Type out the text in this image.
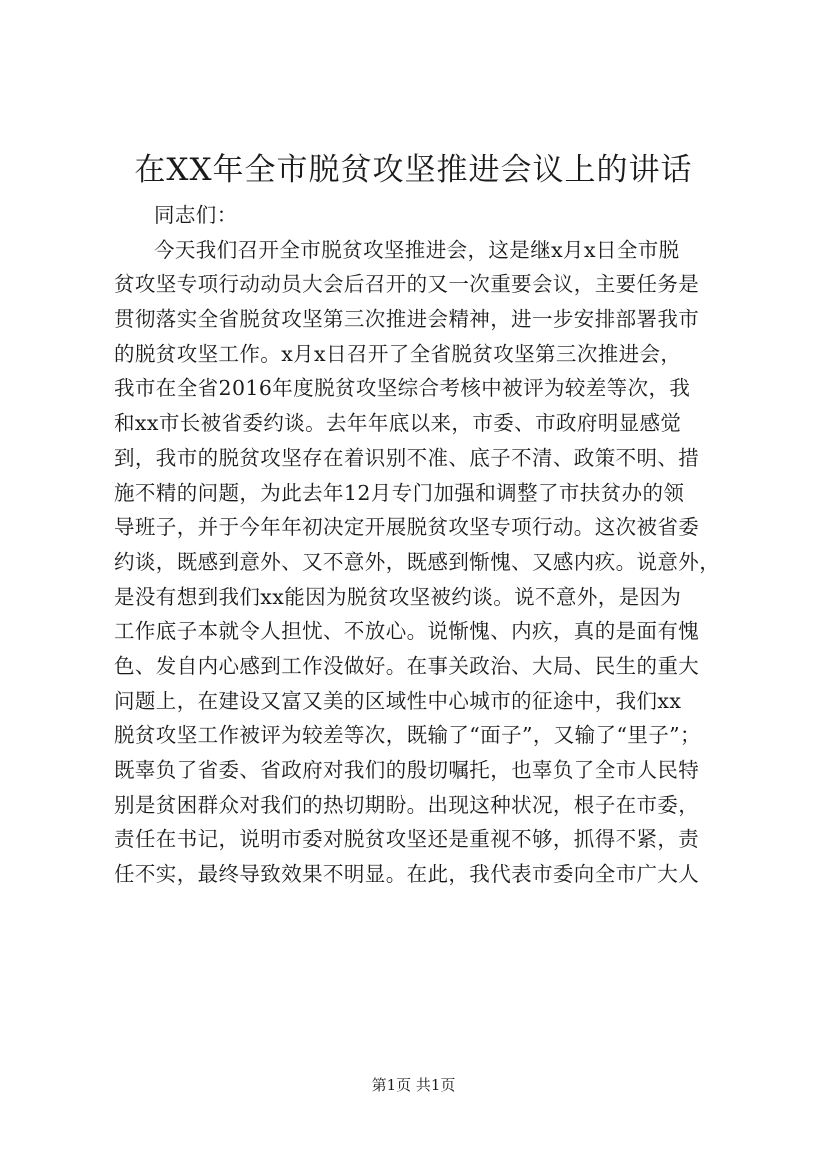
在XX年全市脱贫攻坚推进会议上的讲话
同志们：
今天我们召开全市脱贫攻坚推进会，这是继x月x日全市脱
贫攻坚专项行动动员大会后召开的又一次重要会议，主要任务是
贯彻落实全省脱贫攻坚第三次推进会精神，进一步安排部署我市
的脱贫攻坚工作。x月x日召开了全省脱贫攻坚第三次推进会，
我市在全省2016年度脱贫攻坚综合考核中被评为较差等次，我
和xx市长被省委约谈。去年年底以来，市委、市政府明显感觉
到，我市的脱贫攻坚存在着识别不准、底子不清、政策不明、措
施不精的问题，为此去年12月专门加强和调整了市扶贫办的领
导班子，并于今年年初决定开展脱贫攻坚专项行动。这次被省委
约谈，既感到意外、又不意外，既感到惭愧、又感内疚。说意外，
是没有想到我们xx能因为脱贫攻坚被约谈。说不意外，是因为
工作底子本就令人担忧、不放心。说惭愧、内疚，真的是面有愧
色、发自内心感到工作没做好。在事关政治、大局、民生的重大
问题上，在建设又富又美的区域性中心城市的征途中，我们xx
脱贫攻坚工作被评为较差等次，既输了“面子”，又输了“里子”；
既辜负了省委、省政府对我们的殷切嘱托，也辜负了全市人民特
别是贫困群众对我们的热切期盼。出现这种状况，根子在市委，
责任在书记，说明市委对脱贫攻坚还是重视不够，抓得不紧，责
任不实，最终导致效果不明显。在此，我代表市委向全市广大人
第1页 共1页
